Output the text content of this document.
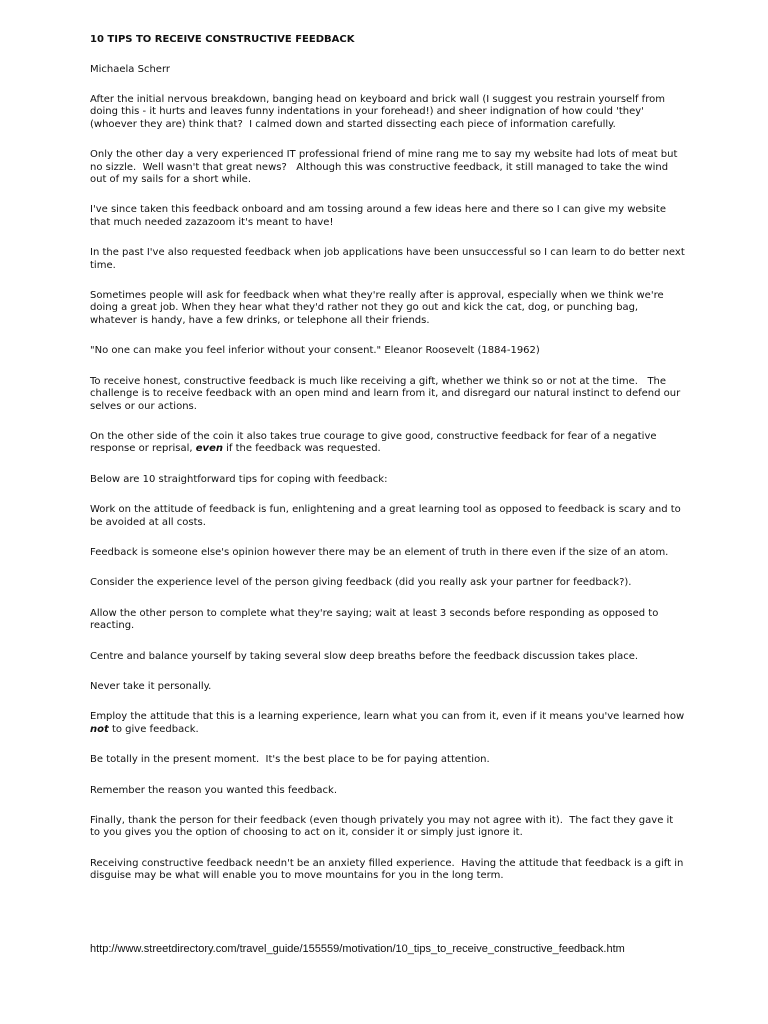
10 TIPS TO RECEIVE CONSTRUCTIVE FEEDBACK
Michaela Scherr
After the initial nervous breakdown, banging head on keyboard and brick wall (I suggest you restrain yourself from doing this - it hurts and leaves funny indentations in your forehead!) and sheer indignation of how could 'they' (whoever they are) think that?  I calmed down and started dissecting each piece of information carefully.
Only the other day a very experienced IT professional friend of mine rang me to say my website had lots of meat but no sizzle.  Well wasn't that great news?   Although this was constructive feedback, it still managed to take the wind out of my sails for a short while.
I've since taken this feedback onboard and am tossing around a few ideas here and there so I can give my website that much needed zazazoom it's meant to have!
In the past I've also requested feedback when job applications have been unsuccessful so I can learn to do better next time.
Sometimes people will ask for feedback when what they're really after is approval, especially when we think we're doing a great job. When they hear what they'd rather not they go out and kick the cat, dog, or punching bag, whatever is handy, have a few drinks, or telephone all their friends.
"No one can make you feel inferior without your consent." Eleanor Roosevelt (1884-1962)
To receive honest, constructive feedback is much like receiving a gift, whether we think so or not at the time.   The challenge is to receive feedback with an open mind and learn from it, and disregard our natural instinct to defend our selves or our actions.
On the other side of the coin it also takes true courage to give good, constructive feedback for fear of a negative response or reprisal, even if the feedback was requested.
Below are 10 straightforward tips for coping with feedback:
Work on the attitude of feedback is fun, enlightening and a great learning tool as opposed to feedback is scary and to be avoided at all costs.
Feedback is someone else's opinion however there may be an element of truth in there even if the size of an atom.
Consider the experience level of the person giving feedback (did you really ask your partner for feedback?).
Allow the other person to complete what they're saying; wait at least 3 seconds before responding as opposed to reacting.
Centre and balance yourself by taking several slow deep breaths before the feedback discussion takes place.
Never take it personally.
Employ the attitude that this is a learning experience, learn what you can from it, even if it means you've learned how not to give feedback.
Be totally in the present moment.  It's the best place to be for paying attention.
Remember the reason you wanted this feedback.
Finally, thank the person for their feedback (even though privately you may not agree with it).  The fact they gave it to you gives you the option of choosing to act on it, consider it or simply just ignore it.
Receiving constructive feedback needn't be an anxiety filled experience.  Having the attitude that feedback is a gift in disguise may be what will enable you to move mountains for you in the long term.
http://www.streetdirectory.com/travel_guide/155559/motivation/10_tips_to_receive_constructive_feedback.htm
